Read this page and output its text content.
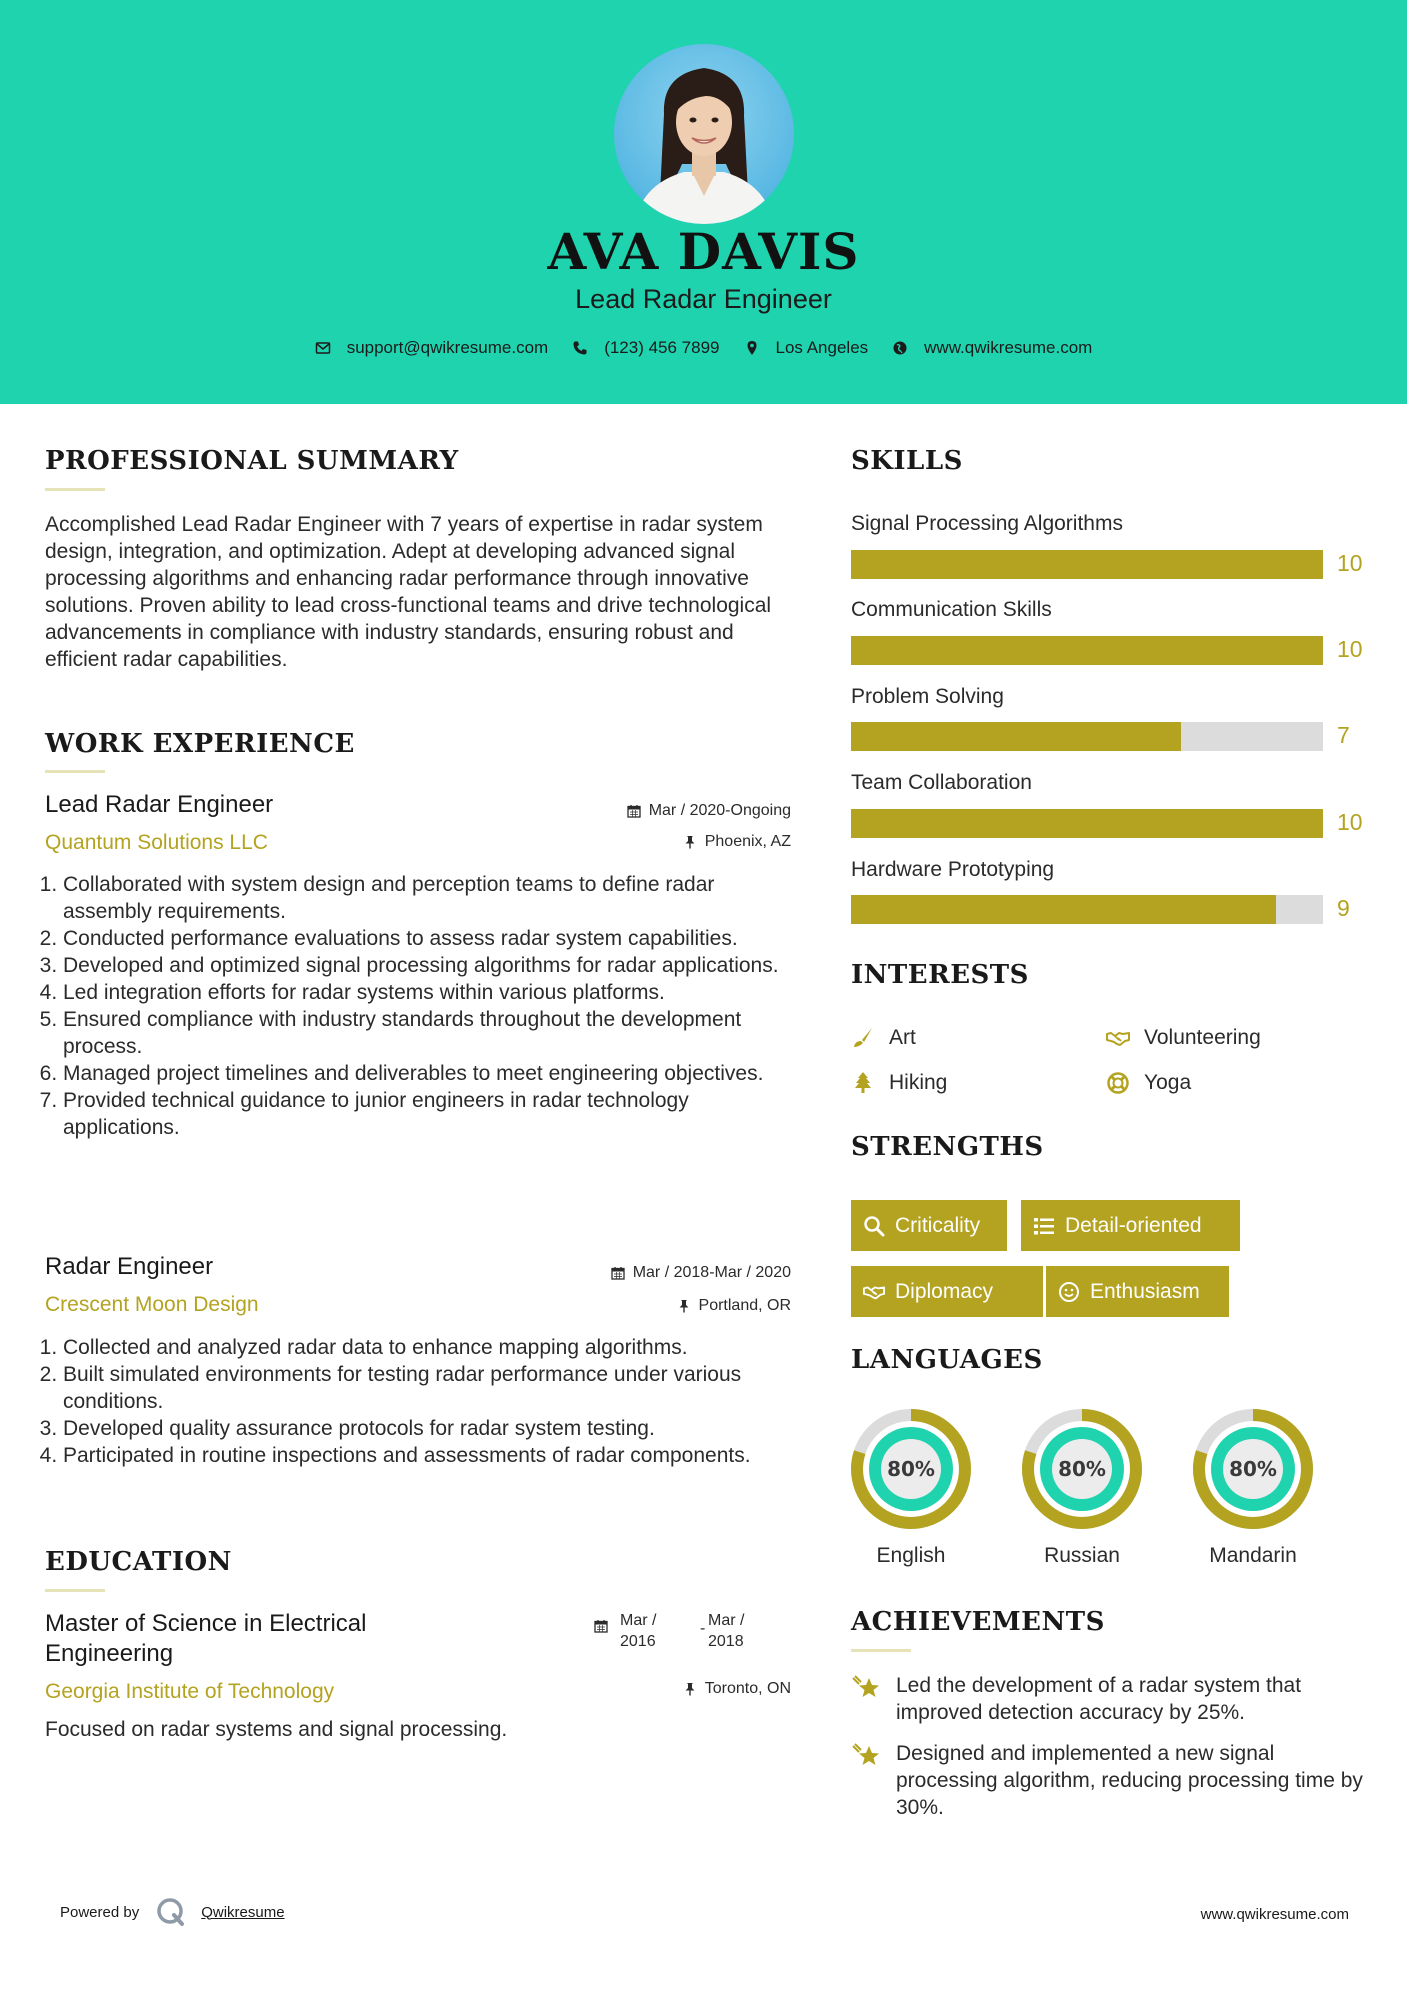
AVA DAVIS
Lead Radar Engineer
support@qwikresume.com	(123) 456 7899	Los Angeles	www.qwikresume.com
PROFESSIONAL SUMMARY
Accomplished Lead Radar Engineer with 7 years of expertise in radar system design, integration, and optimization. Adept at developing advanced signal processing algorithms and enhancing radar performance through innovative solutions. Proven ability to lead cross-functional teams and drive technological advancements in compliance with industry standards, ensuring robust and efficient radar capabilities.
WORK EXPERIENCE
Lead Radar Engineer	Mar / 2020-Ongoing
Quantum Solutions LLC	Phoenix, AZ
1. Collaborated with system design and perception teams to define radar assembly requirements.
2. Conducted performance evaluations to assess radar system capabilities.
3. Developed and optimized signal processing algorithms for radar applications.
4. Led integration efforts for radar systems within various platforms.
5. Ensured compliance with industry standards throughout the development process.
6. Managed project timelines and deliverables to meet engineering objectives.
7. Provided technical guidance to junior engineers in radar technology applications.
Radar Engineer	Mar / 2018-Mar / 2020
Crescent Moon Design	Portland, OR
1. Collected and analyzed radar data to enhance mapping algorithms.
2. Built simulated environments for testing radar performance under various conditions.
3. Developed quality assurance protocols for radar system testing.
4. Participated in routine inspections and assessments of radar components.
EDUCATION
Master of Science in Electrical Engineering
Mar / 2016
- Mar / 2018
Georgia Institute of Technology	Toronto, ON
Focused on radar systems and signal processing.
SKILLS
Signal Processing Algorithms
10
Communication Skills
10
Problem Solving
7
Team Collaboration
10
Hardware Prototyping
9
INTERESTS
Art	Volunteering
Hiking	Yoga
STRENGTHS
Criticality	Detail-oriented
Diplomacy	Enthusiasm
LANGUAGES
80%
English
80%
Russian
80%
Mandarin
ACHIEVEMENTS
Led the development of a radar system that improved detection accuracy by 25%.
Designed and implemented a new signal processing algorithm, reducing processing time by 30%.
Powered by	Qwikresume	www.qwikresume.com
